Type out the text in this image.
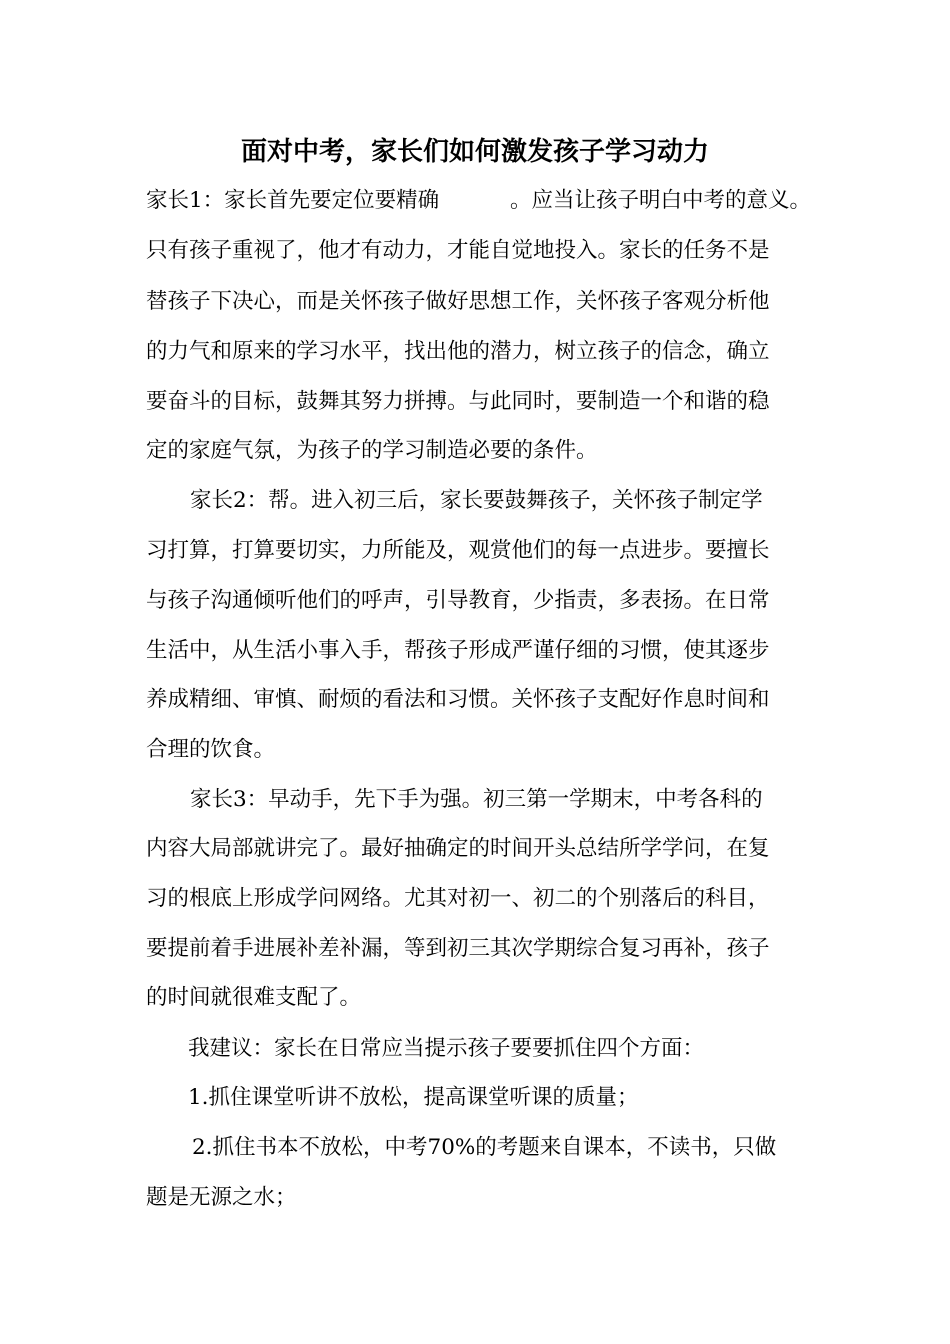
面对中考，家长们如何激发孩子学习动力
家长1：家长首先要定位要精确	。应当让孩子明白中考的意义。
只有孩子重视了，他才有动力，才能自觉地投入。家长的任务不是
替孩子下决心，而是关怀孩子做好思想工作，关怀孩子客观分析他
的力气和原来的学习水平，找出他的潜力，树立孩子的信念，确立
要奋斗的目标，鼓舞其努力拼搏。与此同时，要制造一个和谐的稳
定的家庭气氛，为孩子的学习制造必要的条件。
家长2：帮。进入初三后，家长要鼓舞孩子，关怀孩子制定学
习打算，打算要切实，力所能及，观赏他们的每一点进步。要擅长
与孩子沟通倾听他们的呼声，引导教育，少指责，多表扬。在日常
生活中，从生活小事入手，帮孩子形成严谨仔细的习惯，使其逐步
养成精细、审慎、耐烦的看法和习惯。关怀孩子支配好作息时间和
合理的饮食。
家长3：早动手，先下手为强。初三第一学期末，中考各科的
内容大局部就讲完了。最好抽确定的时间开头总结所学学问，在复
习的根底上形成学问网络。尤其对初一、初二的个别落后的科目，
要提前着手进展补差补漏，等到初三其次学期综合复习再补，孩子
的时间就很难支配了。
我建议：家长在日常应当提示孩子要要抓住四个方面：
1.抓住课堂听讲不放松，提高课堂听课的质量；
2.抓住书本不放松，中考70%的考题来自课本，不读书，只做
题是无源之水；
